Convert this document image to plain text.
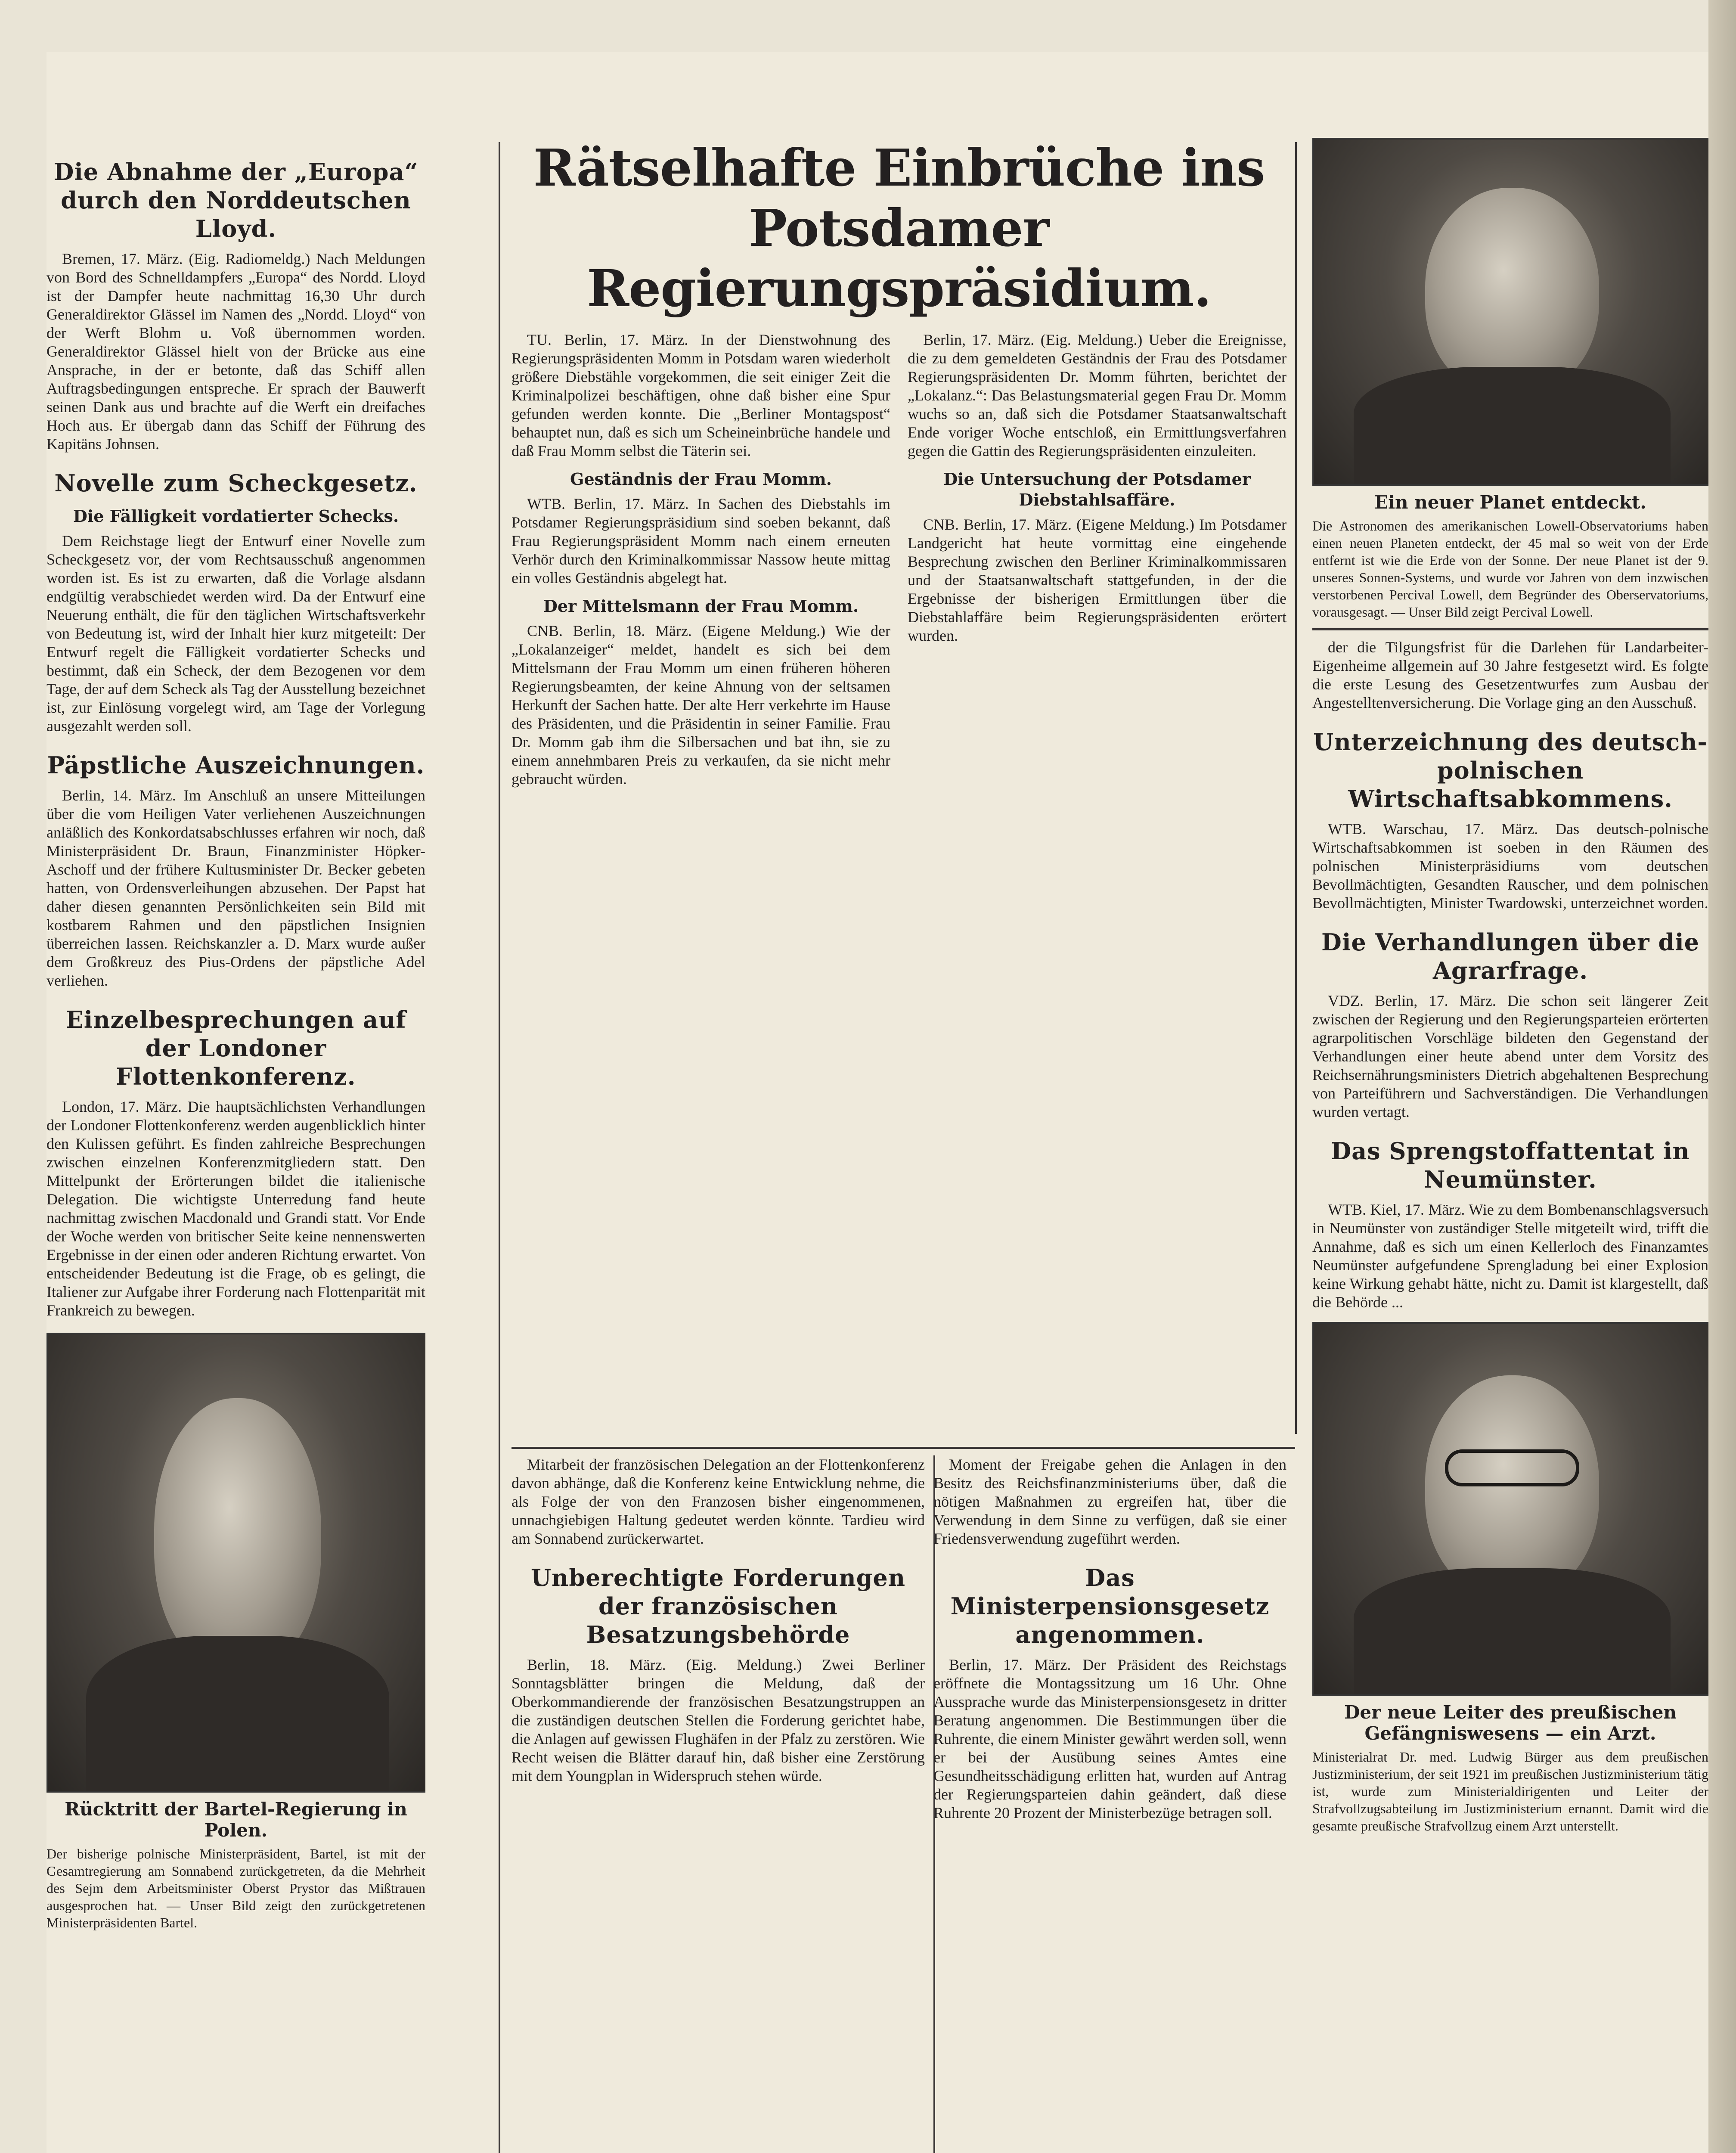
Die Abnahme der „Europa“ durch den Norddeutschen Lloyd.

Bremen, 17. März. (Eig. Radiomeldg.) Nach Meldungen von Bord des Schnelldampfers „Europa“ des Nordd. Lloyd ist der Dampfer heute nachmittag 16,30 Uhr durch Generaldirektor Glässel im Namen des „Nordd. Lloyd“ von der Werft Blohm u. Voß übernommen worden. Generaldirektor Glässel hielt von der Brücke aus eine Ansprache, in der er betonte, daß das Schiff allen Auftragsbedingungen entspreche. Er sprach der Bauwerft seinen Dank aus und brachte auf die Werft ein dreifaches Hoch aus. Er übergab dann das Schiff der Führung des Kapitäns Johnsen.

Novelle zum Scheckgesetz.
Die Fälligkeit vordatierter Schecks.

Dem Reichstage liegt der Entwurf einer Novelle zum Scheckgesetz vor, der vom Rechtsausschuß angenommen worden ist. Es ist zu erwarten, daß die Vorlage alsdann endgültig verabschiedet werden wird. Da der Entwurf eine Neuerung enthält, die für den täglichen Wirtschaftsverkehr von Bedeutung ist, wird der Inhalt hier kurz mitgeteilt: Der Entwurf regelt die Fälligkeit vordatierter Schecks und bestimmt, daß ein Scheck, der dem Bezogenen vor dem Tage, der auf dem Scheck als Tag der Ausstellung bezeichnet ist, zur Einlösung vorgelegt wird, am Tage der Vorlegung ausgezahlt werden soll.

Päpstliche Auszeichnungen.

Berlin, 14. März. Im Anschluß an unsere Mitteilungen über die vom Heiligen Vater verliehenen Auszeichnungen anläßlich des Konkordatsabschlusses erfahren wir noch, daß Ministerpräsident Dr. Braun, Finanzminister Höpker-Aschoff und der frühere Kultusminister Dr. Becker gebeten hatten, von Ordensverleihungen abzusehen. Der Papst hat daher diesen genannten Persönlichkeiten sein Bild mit kostbarem Rahmen und den päpstlichen Insignien überreichen lassen. Reichskanzler a. D. Marx wurde außer dem Großkreuz des Pius-Ordens der päpstliche Adel verliehen.

Einzelbesprechungen auf der Londoner Flottenkonferenz.

London, 17. März. Die hauptsächlichsten Verhandlungen der Londoner Flottenkonferenz werden augenblicklich hinter den Kulissen geführt. Es finden zahlreiche Besprechungen zwischen einzelnen Konferenzmitgliedern statt. Den Mittelpunkt der Erörterungen bildet die italienische Delegation. Die wichtigste Unterredung fand heute nachmittag zwischen Macdonald und Grandi statt. Vor Ende der Woche werden von britischer Seite keine nennenswerten Ergebnisse in der einen oder anderen Richtung erwartet. Von entscheidender Bedeutung ist die Frage, ob es gelingt, die Italiener zur Aufgabe ihrer Forderung nach Flottenparität mit Frankreich zu bewegen.

Rücktritt der Bartel-Regierung in Polen.
Der bisherige polnische Ministerpräsident, Bartel, ist mit der Gesamtregierung am Sonnabend zurückgetreten, da die Mehrheit des Sejm dem Arbeitsminister Oberst Prystor das Mißtrauen ausgesprochen hat. — Unser Bild zeigt den zurückgetretenen Ministerpräsidenten Bartel.
Rätselhafte Einbrüche ins Potsdamer Regierungspräsidium.

TU. Berlin, 17. März. In der Dienstwohnung des Regierungspräsidenten Momm in Potsdam waren wiederholt größere Diebstähle vorgekommen, die seit einiger Zeit die Kriminalpolizei beschäftigen, ohne daß bisher eine Spur gefunden werden konnte. Die „Berliner Montagspost“ behauptet nun, daß es sich um Scheineinbrüche handele und daß Frau Momm selbst die Täterin sei.

Geständnis der Frau Momm.

WTB. Berlin, 17. März. In Sachen des Diebstahls im Potsdamer Regierungspräsidium sind soeben bekannt, daß Frau Regierungspräsident Momm nach einem erneuten Verhör durch den Kriminalkommissar Nassow heute mittag ein volles Geständnis abgelegt hat.

Der Mittelsmann der Frau Momm.

CNB. Berlin, 18. März. (Eigene Meldung.) Wie der „Lokalanzeiger“ meldet, handelt es sich bei dem Mittelsmann der Frau Momm um einen früheren höheren Regierungsbeamten, der keine Ahnung von der seltsamen Herkunft der Sachen hatte. Der alte Herr verkehrte im Hause des Präsidenten, und die Präsidentin in seiner Familie. Frau Dr. Momm gab ihm die Silbersachen und bat ihn, sie zu einem annehmbaren Preis zu verkaufen, da sie nicht mehr gebraucht würden.

Berlin, 17. März. (Eig. Meldung.) Ueber die Ereignisse, die zu dem gemeldeten Geständnis der Frau des Potsdamer Regierungspräsidenten Dr. Momm führten, berichtet der „Lokalanz.“: Das Belastungsmaterial gegen Frau Dr. Momm wuchs so an, daß sich die Potsdamer Staatsanwaltschaft Ende voriger Woche entschloß, ein Ermittlungsverfahren gegen die Gattin des Regierungspräsidenten einzuleiten.

Die Untersuchung der Potsdamer Diebstahlsaffäre.

CNB. Berlin, 17. März. (Eigene Meldung.) Im Potsdamer Landgericht hat heute vormittag eine eingehende Besprechung zwischen den Berliner Kriminalkommissaren und der Staatsanwaltschaft stattgefunden, in der die Ergebnisse der bisherigen Ermittlungen über die Diebstahlaffäre beim Regierungspräsidenten erörtert wurden.

Mitarbeit der französischen Delegation an der Flottenkonferenz davon abhänge, daß die Konferenz keine Entwicklung nehme, die als Folge der von den Franzosen bisher eingenommenen, unnachgiebigen Haltung gedeutet werden könnte. Tardieu wird am Sonnabend zurückerwartet.

Unberechtigte Forderungen der französischen Besatzungsbehörde

Berlin, 18. März. (Eig. Meldung.) Zwei Berliner Sonntagsblätter bringen die Meldung, daß der Oberkommandierende der französischen Besatzungstruppen an die zuständigen deutschen Stellen die Forderung gerichtet habe, die Anlagen auf gewissen Flughäfen in der Pfalz zu zerstören. Wie Recht weisen die Blätter darauf hin, daß bisher eine Zerstörung mit dem Youngplan in Widerspruch stehen würde.

Moment der Freigabe gehen die Anlagen in den Besitz des Reichsfinanzministeriums über, daß die nötigen Maßnahmen zu ergreifen hat, über die Verwendung in dem Sinne zu verfügen, daß sie einer Friedensverwendung zugeführt werden.

Das Ministerpensionsgesetz angenommen.

Berlin, 17. März. Der Präsident des Reichstags eröffnete die Montagssitzung um 16 Uhr. Ohne Aussprache wurde das Ministerpensionsgesetz in dritter Beratung angenommen. Die Bestimmungen über die Ruhrente, die einem Minister gewährt werden soll, wenn er bei der Ausübung seines Amtes eine Gesundheitsschädigung erlitten hat, wurden auf Antrag der Regierungsparteien dahin geändert, daß diese Ruhrente 20 Prozent der Ministerbezüge betragen soll.

Ein neuer Planet entdeckt.
Die Astronomen des amerikanischen Lowell-Observatoriums haben einen neuen Planeten entdeckt, der 45 mal so weit von der Erde entfernt ist wie die Erde von der Sonne. Der neue Planet ist der 9. unseres Sonnen-Systems, und wurde vor Jahren von dem inzwischen verstorbenen Percival Lowell, dem Begründer des Oberservatoriums, vorausgesagt. — Unser Bild zeigt Percival Lowell.

der die Tilgungsfrist für die Darlehen für Landarbeiter-Eigenheime allgemein auf 30 Jahre festgesetzt wird. Es folgte die erste Lesung des Gesetzentwurfes zum Ausbau der Angestelltenversicherung. Die Vorlage ging an den Ausschuß.

Unterzeichnung des deutsch-polnischen Wirtschaftsabkommens.

WTB. Warschau, 17. März. Das deutsch-polnische Wirtschaftsabkommen ist soeben in den Räumen des polnischen Ministerpräsidiums vom deutschen Bevollmächtigten, Gesandten Rauscher, und dem polnischen Bevollmächtigten, Minister Twardowski, unterzeichnet worden.

Die Verhandlungen über die Agrarfrage.

VDZ. Berlin, 17. März. Die schon seit längerer Zeit zwischen der Regierung und den Regierungsparteien erörterten agrarpolitischen Vorschläge bildeten den Gegenstand der Verhandlungen einer heute abend unter dem Vorsitz des Reichsernährungsministers Dietrich abgehaltenen Besprechung von Parteiführern und Sachverständigen. Die Verhandlungen wurden vertagt.

Das Sprengstoffattentat in Neumünster.

WTB. Kiel, 17. März. Wie zu dem Bombenanschlagsversuch in Neumünster von zuständiger Stelle mitgeteilt wird, trifft die Annahme, daß es sich um einen Kellerloch des Finanzamtes Neumünster aufgefundene Sprengladung bei einer Explosion keine Wirkung gehabt hätte, nicht zu. Damit ist klargestellt, daß die Behörde ...

Der neue Leiter des preußischen Gefängniswesens — ein Arzt.
Ministerialrat Dr. med. Ludwig Bürger aus dem preußischen Justizministerium, der seit 1921 im preußischen Justizministerium tätig ist, wurde zum Ministerialdirigenten und Leiter der Strafvollzugsabteilung im Justizministerium ernannt. Damit wird die gesamte preußische Strafvollzug einem Arzt unterstellt.
